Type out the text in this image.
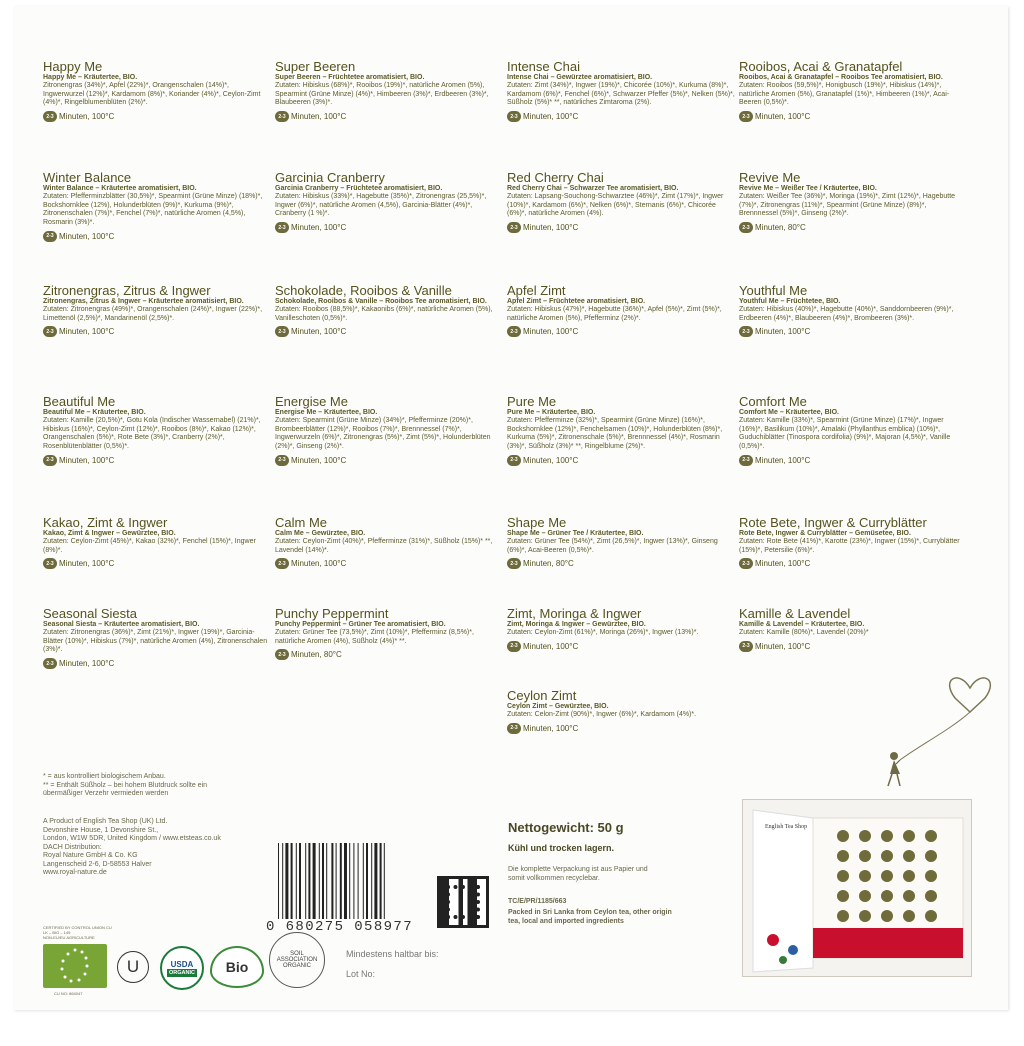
Happy Me
Happy Me – Kräutertee, BIO.
Zitronengras (34%)*, Apfel (22%)*, Orangenschalen (14%)*, Ingwerwurzel (12%)*, Kardamom (8%)*, Koriander (4%)*, Ceylon-Zimt (4%)*, Ringelblumenblüten (2%)*.
2-3 Minuten, 100°C
Super Beeren
Super Beeren – Früchtetee aromatisiert, BIO.
Zutaten: Hibiskus (68%)*, Rooibos (19%)*, natürliche Aromen (5%), Spearmint (Grüne Minze) (4%)*, Himbeeren (3%)*, Erdbeeren (3%)*, Blaubeeren (3%)*.
2-3 Minuten, 100°C
Intense Chai
Intense Chai – Gewürztee aromatisiert, BIO.
Zutaten: Zimt (34%)*, Ingwer (19%)*, Chicorée (10%)*, Kurkuma (8%)*, Kardamom (6%)*, Fenchel (6%)*, Schwarzer Pfeffer (5%)*, Nelken (5%)*, Süßholz (5%)* **, natürliches Zimtaroma (2%).
2-3 Minuten, 100°C
Rooibos, Acai & Granatapfel
Rooibos, Acai & Granatapfel – Rooibos Tee aromatisiert, BIO.
Zutaten: Rooibos (59,5%)*, Honigbusch (19%)*, Hibiskus (14%)*, natürliche Aromen (5%), Granatapfel (1%)*, Himbeeren (1%)*, Acai-Beeren (0,5%)*.
2-3 Minuten, 100°C
Winter Balance
Winter Balance – Kräutertee aromatisiert, BIO.
Zutaten: Pfefferminzblätter (30,5%)*, Spearmint (Grüne Minze) (18%)*, Bockshornklee (12%), Holunderblüten (9%)*, Kurkuma (9%)*, Zitronenschalen (7%)*, Fenchel (7%)*, natürliche Aromen (4,5%), Rosmarin (3%)*.
2-3 Minuten, 100°C
Garcinia Cranberry
Garcinia Cranberry – Früchtetee aromatisiert, BIO.
Zutaten: Hibiskus (33%)*, Hagebutte (35%)*, Zitronengras (25,5%)*, Ingwer (6%)*, natürliche Aromen (4,5%), Garcinia-Blätter (4%)*, Cranberry (1 %)*.
2-3 Minuten, 100°C
Red Cherry Chai
Red Cherry Chai – Schwarzer Tee aromatisiert, BIO.
Zutaten: Lapsang-Souchong-Schwarztee (46%)*, Zimt (17%)*, Ingwer (10%)*, Kardamom (6%)*, Nelken (6%)*, Sternanis (6%)*, Chicorée (6%)*, natürliche Aromen (4%).
2-3 Minuten, 100°C
Revive Me
Revive Me – Weißer Tee / Kräutertee, BIO.
Zutaten: Weißer Tee (36%)*, Moringa (19%)*, Zimt (12%)*, Hagebutte (7%)*, Zitronengras (11%)*, Spearmint (Grüne Minze) (8%)*, Brennnessel (5%)*, Ginseng (2%)*.
2-3 Minuten, 80°C
Zitronengras, Zitrus & Ingwer
Zitronengras, Zitrus & Ingwer – Kräutertee aromatisiert, BIO.
Zutaten: Zitronengras (49%)*, Orangenschalen (24%)*, Ingwer (22%)*, Limettenöl (2,5%)*, Mandarinenöl (2,5%)*.
2-3 Minuten, 100°C
Schokolade, Rooibos & Vanille
Schokolade, Rooibos & Vanille – Rooibos Tee aromatisiert, BIO.
Zutaten: Rooibos (88,5%)*, Kakaonibs (6%)*, natürliche Aromen (5%), Vanilleschoten (0,5%)*.
2-3 Minuten, 100°C
Apfel Zimt
Apfel Zimt – Früchtetee aromatisiert, BIO.
Zutaten: Hibiskus (47%)*, Hagebutte (36%)*, Apfel (5%)*, Zimt (5%)*, natürliche Aromen (5%), Pfefferminz (2%)*.
2-3 Minuten, 100°C
Youthful Me
Youthful Me – Früchtetee, BIO.
Zutaten: Hibiskus (40%)*, Hagebutte (40%)*, Sanddornbeeren (9%)*, Erdbeeren (4%)*, Blaubeeren (4%)*, Brombeeren (3%)*.
2-3 Minuten, 100°C
Beautiful Me
Beautiful Me – Kräutertee, BIO.
Zutaten: Kamille (20,5%)*, Gotu Kola (Indischer Wassernabel) (21%)*, Hibiskus (16%)*, Ceylon-Zimt (12%)*, Rooibos (8%)*, Kakao (12%)*, Orangenschalen (5%)*, Rote Bete (3%)*, Cranberry (2%)*, Rosenblütenblätter (0,5%)*.
2-3 Minuten, 100°C
Energise Me
Energise Me – Kräutertee, BIO.
Zutaten: Spearmint (Grüne Minze) (34%)*, Pfefferminze (20%)*, Brombeerblätter (12%)*, Rooibos (7%)*, Brennnessel (7%)*, Ingwerwurzeln (6%)*, Zitronengras (5%)*, Zimt (5%)*, Holunderblüten (2%)*, Ginseng (2%)*.
2-3 Minuten, 100°C
Pure Me
Pure Me – Kräutertee, BIO.
Zutaten: Pfefferminze (32%)*, Spearmint (Grüne Minze) (16%)*, Bockshornklee (12%)*, Fenchelsamen (10%)*, Holunderblüten (8%)*, Kurkuma (5%)*, Zitronenschale (5%)*, Brennnessel (4%)*, Rosmarin (3%)*, Süßholz (3%)* **, Ringelblume (2%)*.
2-3 Minuten, 100°C
Comfort Me
Comfort Me – Kräutertee, BIO.
Zutaten: Kamille (33%)*, Spearmint (Grüne Minze) (17%)*, Ingwer (16%)*, Basilikum (10%)*, Amalaki (Phyllanthus emblica) (10%)*, Guduchiblätter (Tinospora cordifolia) (9%)*, Majoran (4,5%)*, Vanille (0,5%)*.
2-3 Minuten, 100°C
Kakao, Zimt & Ingwer
Kakao, Zimt & Ingwer – Gewürztee, BIO.
Zutaten: Ceylon-Zimt (45%)*, Kakao (32%)*, Fenchel (15%)*, Ingwer (8%)*.
2-3 Minuten, 100°C
Calm Me
Calm Me – Gewürztee, BIO.
Zutaten: Ceylon-Zimt (40%)*, Pfefferminze (31%)*, Süßholz (15%)* **, Lavendel (14%)*.
2-3 Minuten, 100°C
Shape Me
Shape Me – Grüner Tee / Kräutertee, BIO.
Zutaten: Grüner Tee (54%)*, Zimt (26,5%)*, Ingwer (13%)*, Ginseng (6%)*, Acai-Beeren (0,5%)*.
2-3 Minuten, 80°C
Rote Bete, Ingwer & Curryblätter
Rote Bete, Ingwer & Curryblätter – Gemüsetee, BIO.
Zutaten: Rote Bete (41%)*, Karotte (23%)*, Ingwer (15%)*, Curryblätter (15%)*, Petersilie (6%)*.
2-3 Minuten, 100°C
Seasonal Siesta
Seasonal Siesta – Kräutertee aromatisiert, BIO.
Zutaten: Zitronengras (36%)*, Zimt (21%)*, Ingwer (19%)*, Garcinia-Blätter (10%)*, Hibiskus (7%)*, natürliche Aromen (4%), Zitronenschalen (3%)*.
2-3 Minuten, 100°C
Punchy Peppermint
Punchy Peppermint – Grüner Tee aromatisiert, BIO.
Zutaten: Grüner Tee (73,5%)*, Zimt (10%)*, Pfefferminz (8,5%)*, natürliche Aromen (4%), Süßholz (4%)* **.
2-3 Minuten, 80°C
Zimt, Moringa & Ingwer
Zimt, Moringa & Ingwer – Gewürztee, BIO.
Zutaten: Ceylon-Zimt (61%)*, Moringa (26%)*, Ingwer (13%)*.
2-3 Minuten, 100°C
Kamille & Lavendel
Kamille & Lavendel – Kräutertee, BIO.
Zutaten: Kamille (80%)*, Lavendel (20%)*
2-3 Minuten, 100°C
Ceylon Zimt
Ceylon Zimt – Gewürztee, BIO.
Zutaten: Celon-Zimt (90%)*, Ingwer (6%)*, Kardamom (4%)*.
2-3 Minuten, 100°C
* = aus kontrolliert biologischem Anbau.
** = Enthält Süßholz – bei hohem Blutdruck sollte ein übermäßiger Verzehr vermieden werden
A Product of English Tea Shop (UK) Ltd.
Devonshire House, 1 Devonshire St.,
London, W1W 5DR, United Kingdom / www.etsteas.co.uk
DACH Distribution:
Royal Nature GmbH & Co. KG
Langenscheid 2-6, D-58553 Halver
www.royal-nature.de
CERTIFIED BY CONTROL UNION CU
LK – BIO – 149
NON-EU/EU AGRICULTURE
CU NO: 864047
U	USDA
ORGANIC	Bio
SOIL ASSOCIATION ORGANIC
0 680275 058977
Mindestens haltbar bis:
Lot No:
Nettogewicht: 50 g
Kühl und trocken lagern.
Die komplette Verpackung ist aus Papier und somit vollkommen recyclebar.
TC/E/PR/1185/663
Packed in Sri Lanka from Ceylon tea, other origin tea, local and imported ingredients
English Tea Shop
